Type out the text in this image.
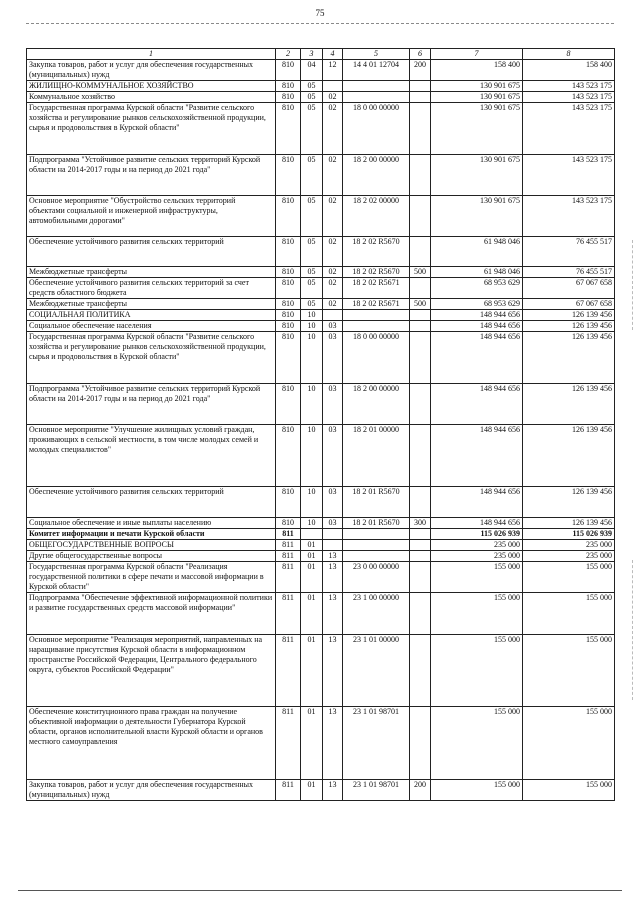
75
1	2	3	4	5	6	7	8
Закупка товаров, работ и услуг для обеспечения государственных (муниципальных) нужд	810	04	12	14 4 01 12704	200	158 400	158 400
ЖИЛИЩНО-КОММУНАЛЬНОЕ ХОЗЯЙСТВО	810	05				130 901 675	143 523 175
Коммунальное хозяйство	810	05	02			130 901 675	143 523 175
Государственная программа Курской области "Развитие сельского хозяйства и регулирование рынков сельскохозяйственной продукции, сырья и продовольствия в Курской области"	810	05	02	18 0 00 00000		130 901 675	143 523 175
Подпрограмма "Устойчивое развитие сельских территорий Курской области на 2014-2017 годы и на период до 2021 года"	810	05	02	18 2 00 00000		130 901 675	143 523 175
Основное мероприятие "Обустройство сельских территорий объектами социальной и инженерной инфраструктуры, автомобильными дорогами"	810	05	02	18 2 02 00000		130 901 675	143 523 175
Обеспечение устойчивого развития сельских территорий	810	05	02	18 2 02 R5670		61 948 046	76 455 517
Межбюджетные трансферты	810	05	02	18 2 02 R5670	500	61 948 046	76 455 517
Обеспечение устойчивого развития сельских территорий за счет средств областного бюджета	810	05	02	18 2 02 R5671		68 953 629	67 067 658
Межбюджетные трансферты	810	05	02	18 2 02 R5671	500	68 953 629	67 067 658
СОЦИАЛЬНАЯ ПОЛИТИКА	810	10				148 944 656	126 139 456
Социальное обеспечение населения	810	10	03			148 944 656	126 139 456
Государственная программа Курской области "Развитие сельского хозяйства и регулирование рынков сельскохозяйственной продукции, сырья и продовольствия в Курской области"	810	10	03	18 0 00 00000		148 944 656	126 139 456
Подпрограмма "Устойчивое развитие сельских территорий Курской области на 2014-2017 годы и на период до 2021 года"	810	10	03	18 2 00 00000		148 944 656	126 139 456
Основное мероприятие "Улучшение жилищных условий граждан, проживающих в сельской местности, в том числе молодых семей и молодых специалистов"	810	10	03	18 2 01 00000		148 944 656	126 139 456
Обеспечение устойчивого развития сельских территорий	810	10	03	18 2 01 R5670		148 944 656	126 139 456
Социальное обеспечение и иные выплаты населению	810	10	03	18 2 01 R5670	300	148 944 656	126 139 456
Комитет информации и печати Курской области	811					115 026 939	115 026 939
ОБЩЕГОСУДАРСТВЕННЫЕ ВОПРОСЫ	811	01				235 000	235 000
Другие общегосударственные вопросы	811	01	13			235 000	235 000
Государственная программа Курской области "Реализация государственной политики в сфере печати и массовой информации в Курской области"	811	01	13	23 0 00 00000		155 000	155 000
Подпрограмма "Обеспечение эффективной информационной политики и развитие государственных средств массовой информации"	811	01	13	23 1 00 00000		155 000	155 000
Основное мероприятие "Реализация мероприятий, направленных на наращивание присутствия Курской области в информационном пространстве Российской Федерации, Центрального федерального округа, субъектов Российской Федерации"	811	01	13	23 1 01 00000		155 000	155 000
Обеспечение конституционного права граждан на получение объективной информации о деятельности Губернатора Курской области, органов исполнительной власти Курской области и органов местного самоуправления	811	01	13	23 1 01 98701		155 000	155 000
Закупка товаров, работ и услуг для обеспечения государственных (муниципальных) нужд	811	01	13	23 1 01 98701	200	155 000	155 000
